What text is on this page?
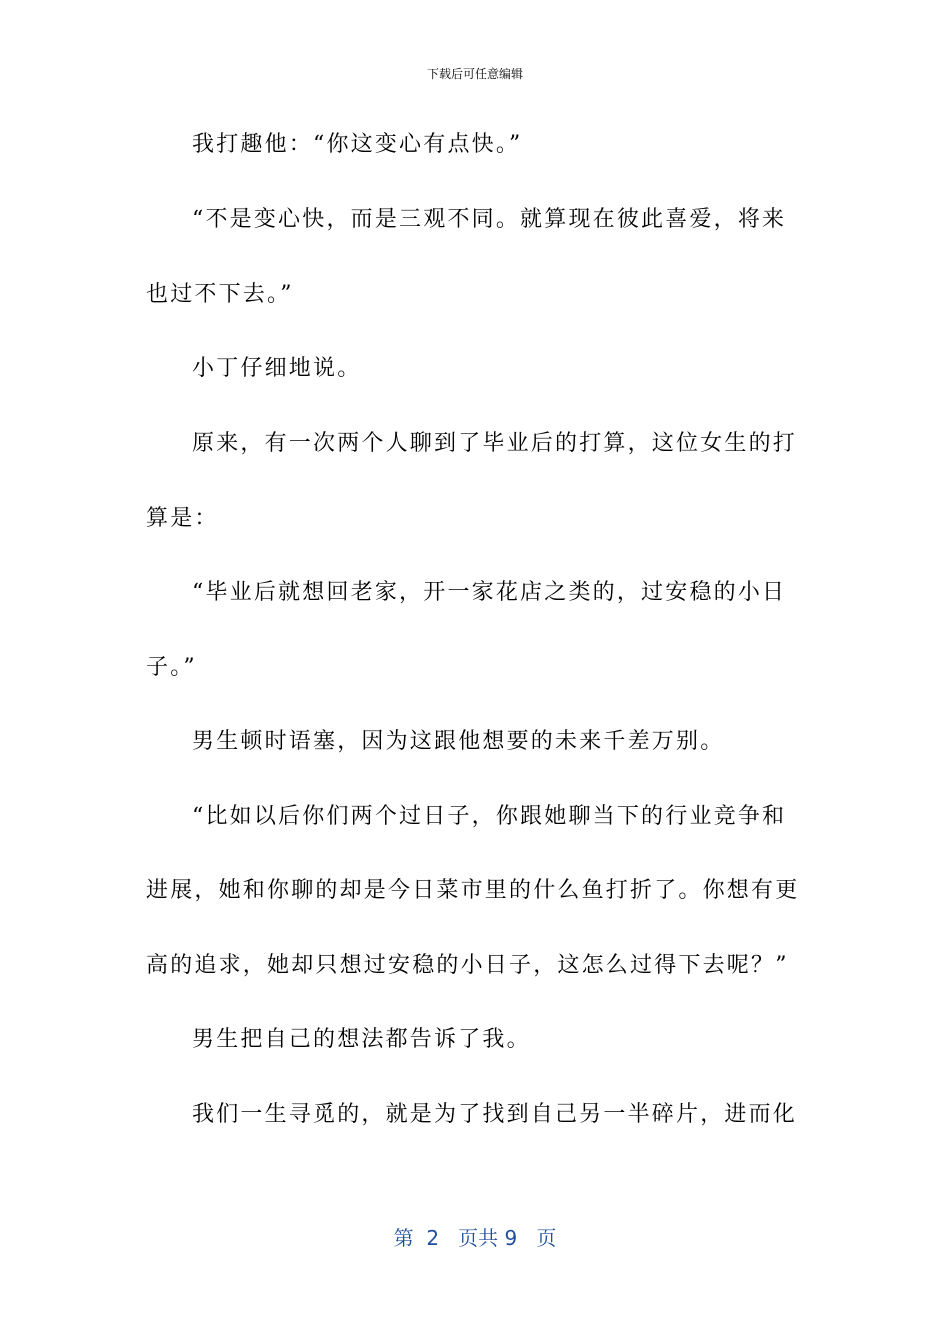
下载后可任意编辑
我打趣他：“你这变心有点快。”
“不是变心快，而是三观不同。就算现在彼此喜爱，将来
也过不下去。”
小丁仔细地说。
原来，有一次两个人聊到了毕业后的打算，这位女生的打
算是：
“毕业后就想回老家，开一家花店之类的，过安稳的小日
子。”
男生顿时语塞，因为这跟他想要的未来千差万别。
“比如以后你们两个过日子，你跟她聊当下的行业竞争和
进展，她和你聊的却是今日菜市里的什么鱼打折了。你想有更
高的追求，她却只想过安稳的小日子，这怎么过得下去呢？”
男生把自己的想法都告诉了我。
我们一生寻觅的，就是为了找到自己另一半碎片，进而化
第 2 页共 9 页
